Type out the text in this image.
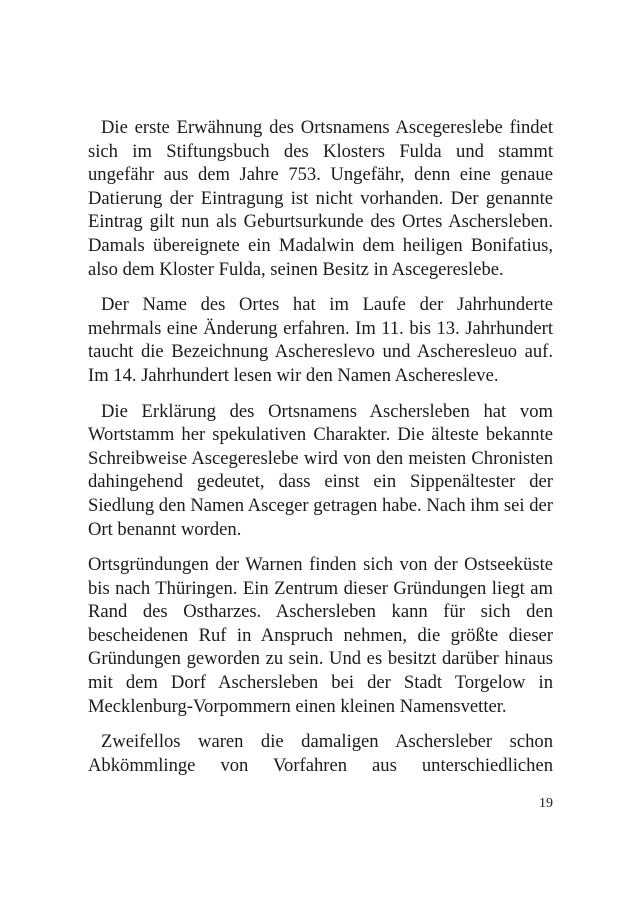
Die erste Erwähnung des Ortsnamens Ascegereslebe findet sich im Stiftungsbuch des Klosters Fulda und stammt ungefähr aus dem Jahre 753. Ungefähr, denn eine genaue Datierung der Eintragung ist nicht vorhanden. Der genannte Eintrag gilt nun als Geburtsurkunde des Ortes Aschersleben. Damals übereignete ein Madalwin dem heiligen Bonifatius, also dem Kloster Fulda, seinen Besitz in Ascegereslebe.

Der Name des Ortes hat im Laufe der Jahrhunderte mehrmals eine Änderung erfahren. Im 11. bis 13. Jahrhundert taucht die Bezeichnung Aschereslevo und Ascheresleuo auf. Im 14. Jahrhundert lesen wir den Namen Ascheresleve.

Die Erklärung des Ortsnamens Aschersleben hat vom Wortstamm her spekulativen Charakter. Die älteste bekannte Schreibweise Ascegereslebe wird von den meisten Chronisten dahingehend gedeutet, dass einst ein Sippenältester der Siedlung den Namen Asceger getragen habe. Nach ihm sei der Ort benannt worden.

Ortsgründungen der Warnen finden sich von der Ostseeküste bis nach Thüringen. Ein Zentrum dieser Gründungen liegt am Rand des Ostharzes. Aschersleben kann für sich den bescheidenen Ruf in Anspruch nehmen, die größte dieser Gründungen geworden zu sein. Und es besitzt darüber hinaus mit dem Dorf Aschersleben bei der Stadt Torgelow in Mecklenburg-Vorpommern einen kleinen Namensvetter.

Zweifellos waren die damaligen Aschersleber schon Abkömmlinge von Vorfahren aus unterschiedlichen

19
